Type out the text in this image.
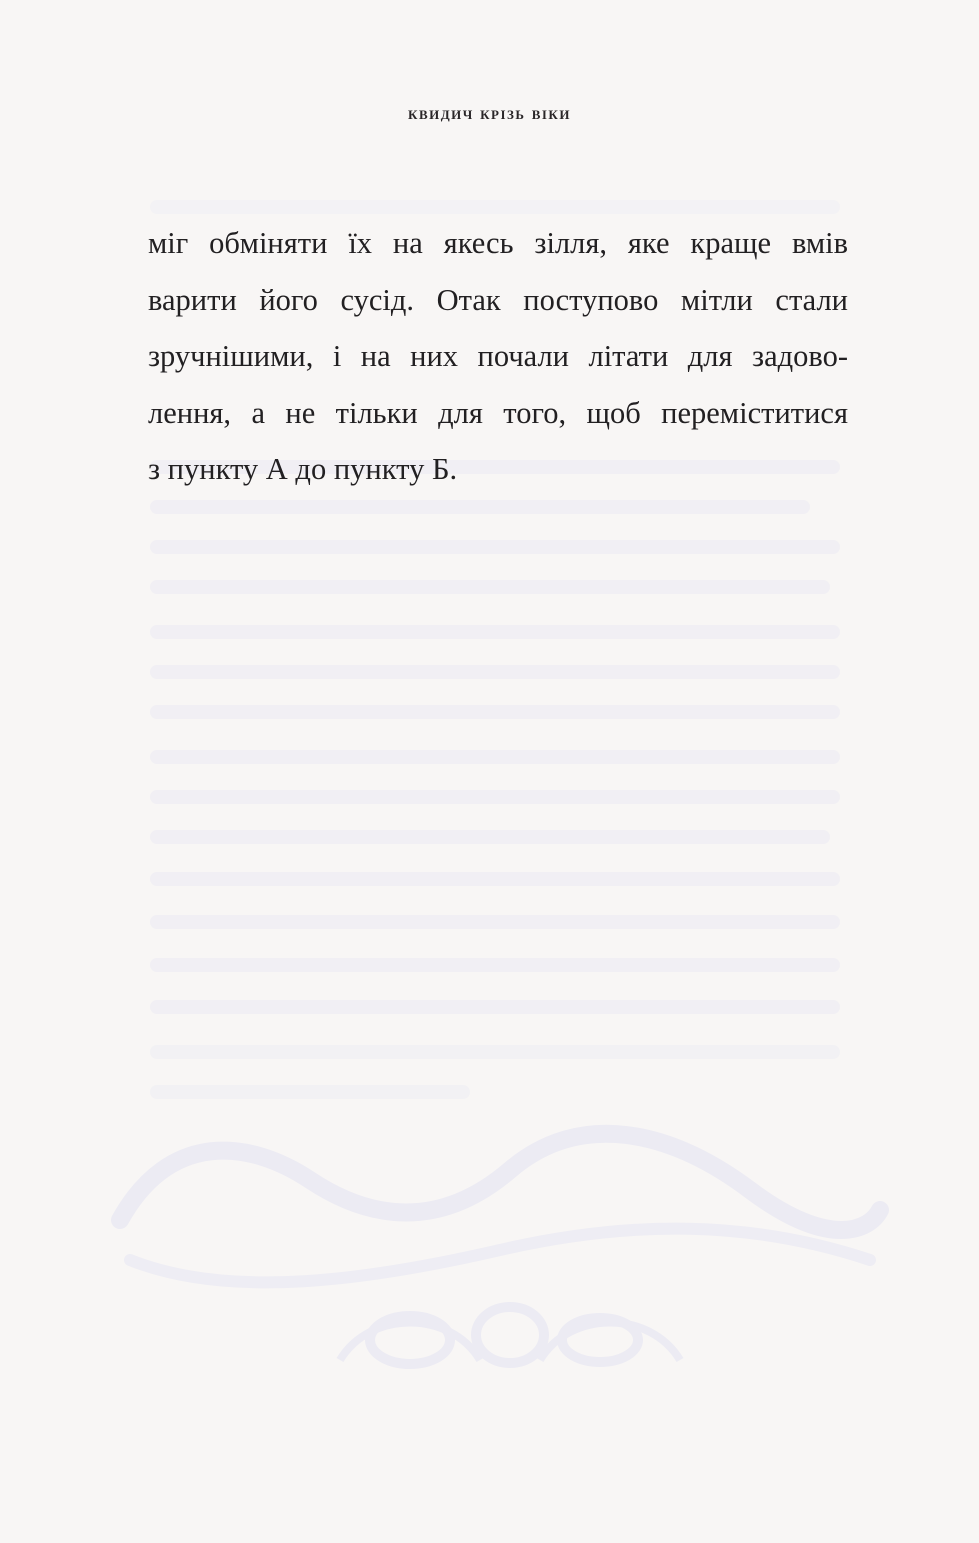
квидич крізь віки

міг обміняти їх на якесь зілля, яке краще вмів
варити його сусід. Отак поступово мітли стали
зручнішими, і на них почали літати для задово-
лення, а не тільки для того, щоб переміститися
з пункту А до пункту Б.
